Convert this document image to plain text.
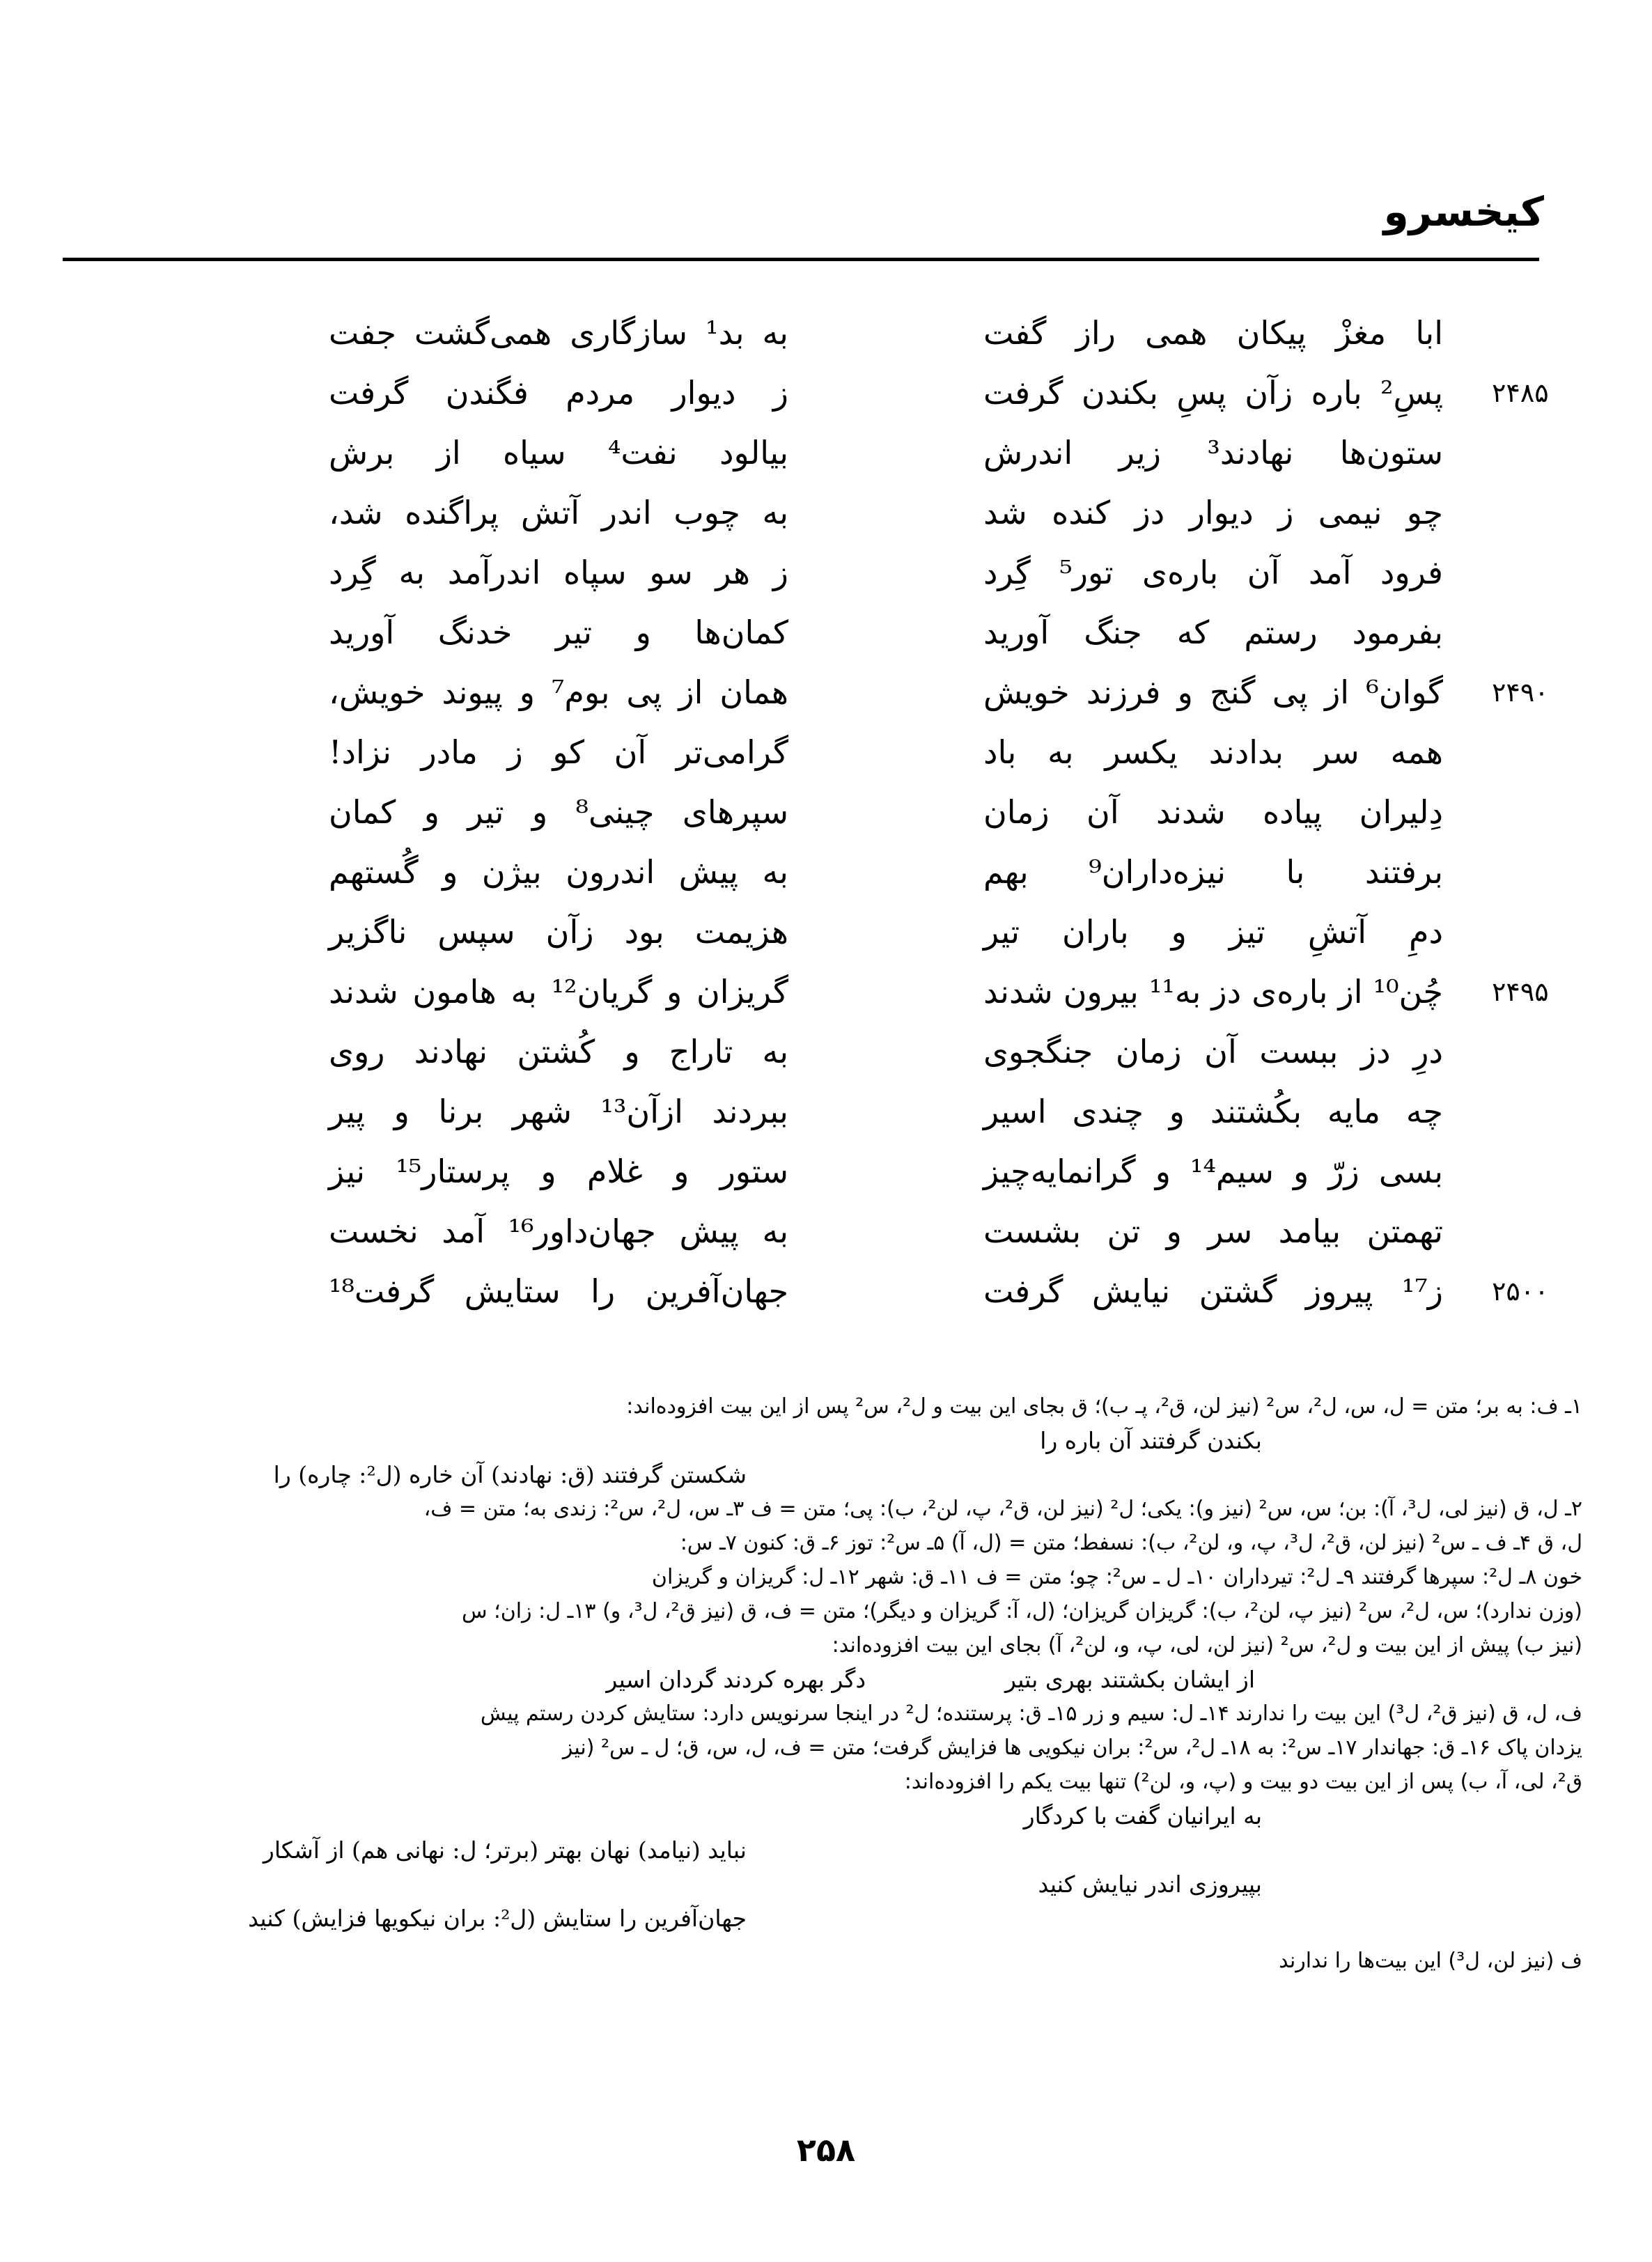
کیخسرو
ابا مغزْ پیکان همی راز گفت
به بد¹ سازگاری همی‌گشت جفت
۲۴۸۵
پسِ² باره زآن پسِ بکندن گرفت
ز دیوار مردم فگندن گرفت
ستون‌ها نهادند³ زیر اندرش
بیالود نفت⁴ سیاه از برش
چو نیمی ز دیوار دز کنده شد
به چوب اندر آتش پراگنده شد،
فرود آمد آن باره‌ی تور⁵ گِرد
ز هر سو سپاه اندرآمد به گِرد
بفرمود رستم که جنگ آورید
کمان‌ها و تیر خدنگ آورید
۲۴۹۰
گوان⁶ از پی گنج و فرزند خویش
همان از پی بوم⁷ و پیوند خویش،
همه سر بدادند یکسر به باد
گرامی‌تر آن کو ز مادر نزاد!
دِلیران پیاده شدند آن زمان
سپرهای چینی⁸ و تیر و کمان
برفتند با نیزه‌داران⁹ بهم
به پیش اندرون بیژن و گُستهم
دمِ آتشِ تیز و باران تیر
هزیمت بود زآن سپس ناگزیر
۲۴۹۵
چُن¹⁰ از باره‌ی دز به¹¹ بیرون شدند
گریزان و گریان¹² به هامون شدند
درِ دز ببست آن زمان جنگجوی
به تاراج و کُشتن نهادند روی
چه مایه بکُشتند و چندی اسیر
ببردند ازآن¹³ شهر برنا و پیر
بسی زرّ و سیم¹⁴ و گرانمایه‌چیز
ستور و غلام و پرستار¹⁵ نیز
تهمتن بیامد سر و تن بشست
به پیش جهان‌داور¹⁶ آمد نخست
۲۵۰۰
ز¹⁷ پیروز گشتن نیایش گرفت
جهان‌آفرین را ستایش گرفت¹⁸
۱ـ ف: به بر؛ متن = ل، س، ل²، س² (نیز لن، ق²، پـ ب)؛ ق بجای این بیت و ل²، س² پس از این بیت افزوده‌اند:
بکندن گرفتند آن باره را
شکستن گرفتند (ق: نهادند) آن خاره (ل²: چاره) را
۲ـ ل، ق (نیز لی، ل³، آ): بن؛ س، س² (نیز و): یکی؛ ل² (نیز لن، ق²، پ، لن²، ب): پی؛ متن = ف ۳ـ س، ل²، س²: زندی به؛ متن = ف،
ل، ق ۴ـ ف ـ س² (نیز لن، ق²، ل³، پ، و، لن²، ب): نسفط؛ متن = (ل، آ) ۵ـ س²: توز ۶ـ ق: کنون ۷ـ س:
خون ۸ـ ل²: سپرها گرفتند ۹ـ ل²: تیرداران ۱۰ـ ل ـ س²: چو؛ متن = ف ۱۱ـ ق: شهر ۱۲ـ ل: گریزان و گریزان
(وزن ندارد)؛ س، ل²، س² (نیز پ، لن²، ب): گریزان گریزان؛ (ل، آ: گریزان و دیگر)؛ متن = ف، ق (نیز ق²، ل³، و) ۱۳ـ ل: زان؛ س
(نیز ب) پیش از این بیت و ل²، س² (نیز لن، لی، پ، و، لن²، آ) بجای این بیت افزوده‌اند:
از ایشان بکشتند بهری بتیر
دگر بهره کردند گردان اسیر
ف، ل، ق (نیز ق²، ل³) این بیت را ندارند ۱۴ـ ل: سیم و زر ۱۵ـ ق: پرستنده؛ ل² در اینجا سرنویس دارد: ستایش کردن رستم پیش
یزدان پاک ۱۶ـ ق: جهاندار ۱۷ـ س²: به ۱۸ـ ل²، س²: بران نیکویی ها فزایش گرفت؛ متن = ف، ل، س، ق؛ ل ـ س² (نیز
ق²، لی، آ، ب) پس از این بیت دو بیت و (پ، و، لن²) تنها بیت یکم را افزوده‌اند:
به ایرانیان گفت با کردگار
نباید (نیامد) نهان بهتر (برتر؛ ل: نهانی هم) از آشکار
بپیروزی اندر نیایش کنید
جهان‌آفرین را ستایش (ل²: بران نیکویها فزایش) کنید
ف (نیز لن، ل³) این بیت‌ها را ندارند
۲۵۸
